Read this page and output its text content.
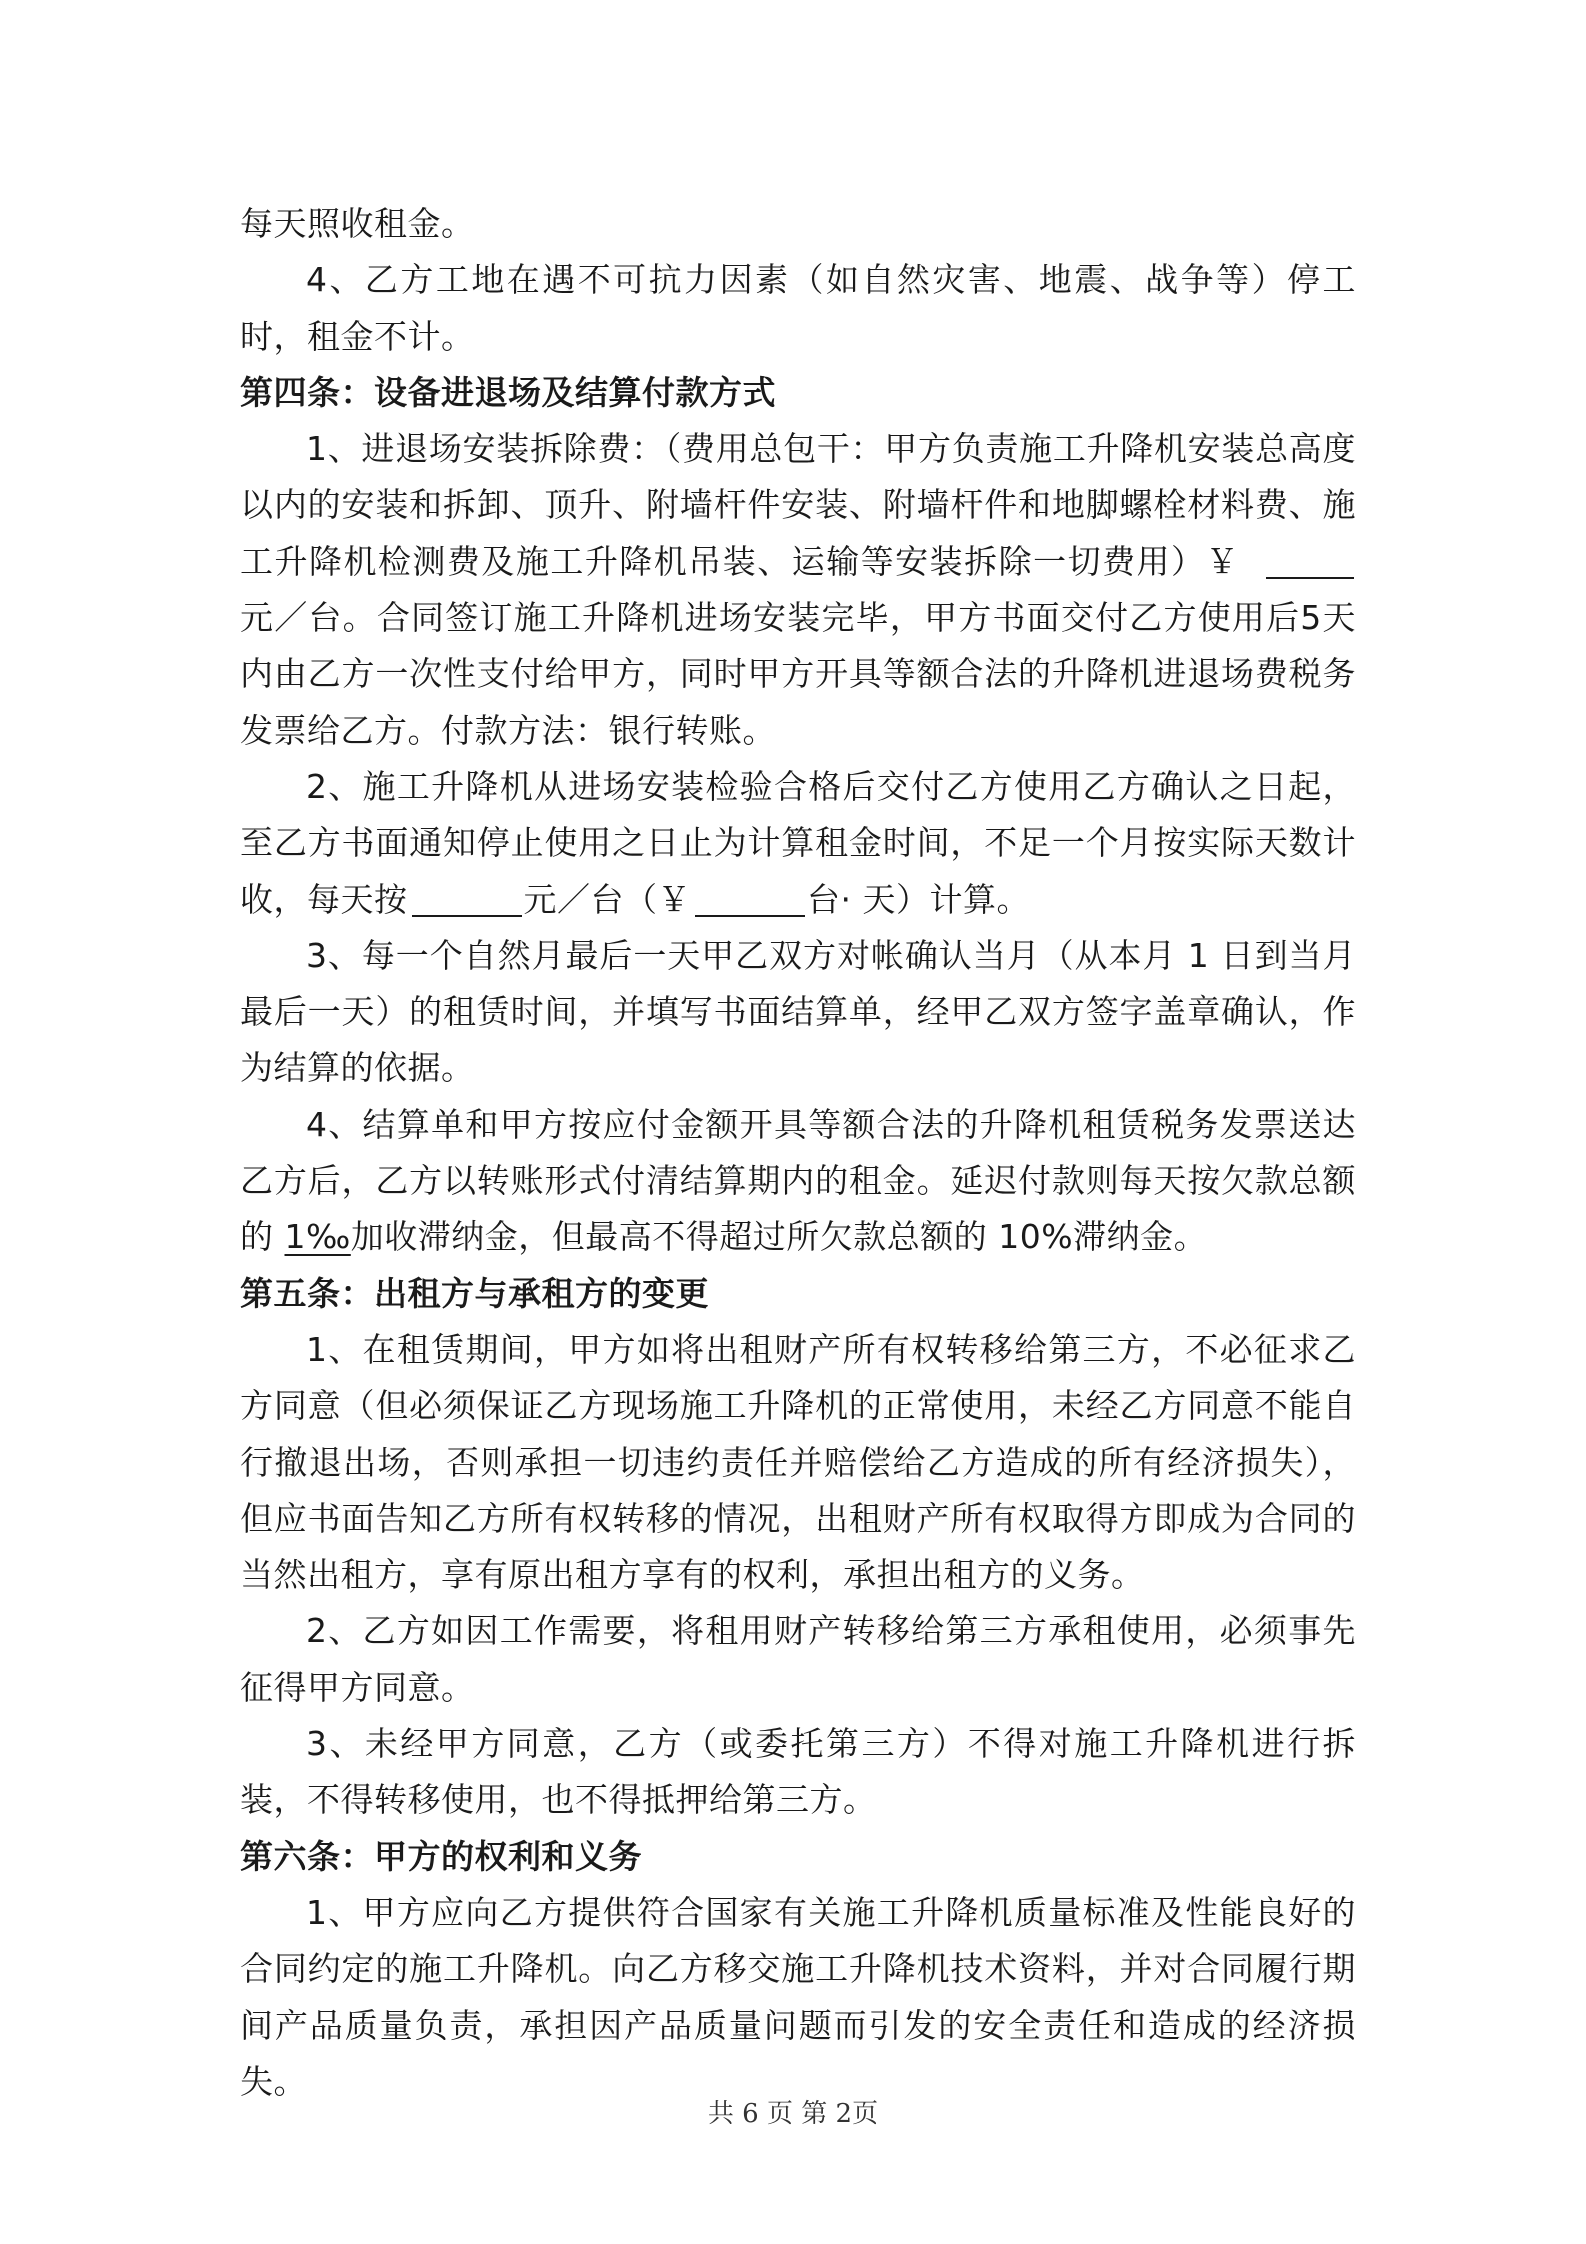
每天照收租金。

4、乙方工地在遇不可抗力因素（如自然灾害、地震、战争等）停工时，租金不计。

第四条：设备进退场及结算付款方式

1、进退场安装拆除费：（费用总包干：甲方负责施工升降机安装总高度以内的安装和拆卸、顶升、附墙杆件安装、附墙杆件和地脚螺栓材料费、施工升降机检测费及施工升降机吊装、运输等安装拆除一切费用）￥元／台。合同签订施工升降机进场安装完毕，甲方书面交付乙方使用后5天内由乙方一次性支付给甲方，同时甲方开具等额合法的升降机进退场费税务发票给乙方。付款方法：银行转账。

2、施工升降机从进场安装检验合格后交付乙方使用乙方确认之日起，至乙方书面通知停止使用之日止为计算租金时间，不足一个月按实际天数计收，每天按	元／台（￥	台· 天）计算。

3、每一个自然月最后一天甲乙双方对帐确认当月（从本月 1 日到当月最后一天）的租赁时间，并填写书面结算单，经甲乙双方签字盖章确认，作为结算的依据。

4、结算单和甲方按应付金额开具等额合法的升降机租赁税务发票送达乙方后，乙方以转账形式付清结算期内的租金。延迟付款则每天按欠款总额的 1‰加收滞纳金，但最高不得超过所欠款总额的 10%滞纳金。

第五条：出租方与承租方的变更

1、在租赁期间，甲方如将出租财产所有权转移给第三方，不必征求乙方同意（但必须保证乙方现场施工升降机的正常使用，未经乙方同意不能自行撤退出场，否则承担一切违约责任并赔偿给乙方造成的所有经济损失），但应书面告知乙方所有权转移的情况，出租财产所有权取得方即成为合同的当然出租方，享有原出租方享有的权利，承担出租方的义务。

2、乙方如因工作需要，将租用财产转移给第三方承租使用，必须事先征得甲方同意。

3、未经甲方同意，乙方（或委托第三方）不得对施工升降机进行拆装，不得转移使用，也不得抵押给第三方。

第六条：甲方的权利和义务

1、甲方应向乙方提供符合国家有关施工升降机质量标准及性能良好的合同约定的施工升降机。向乙方移交施工升降机技术资料，并对合同履行期间产品质量负责，承担因产品质量问题而引发的安全责任和造成的经济损失。

共 6 页 第 2页
